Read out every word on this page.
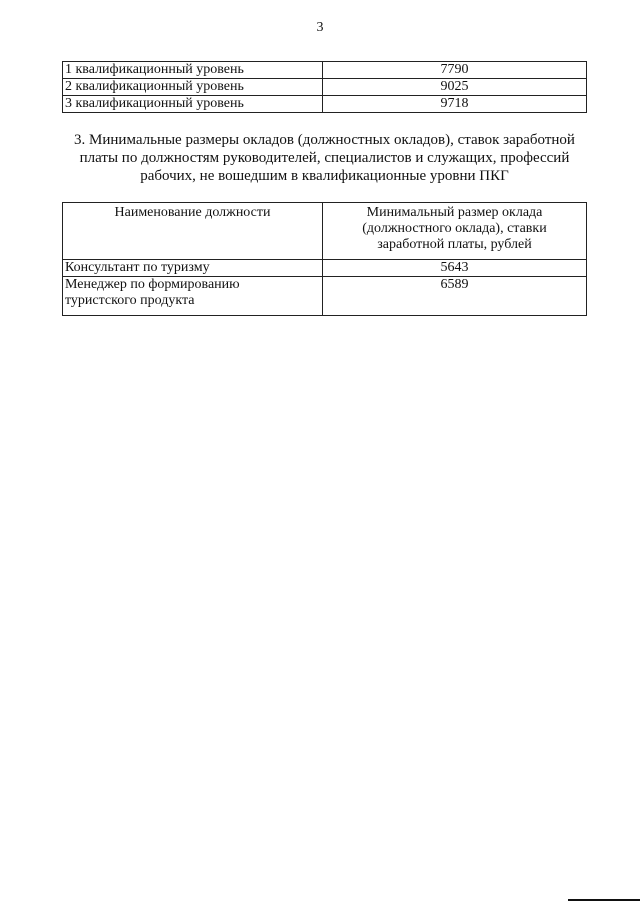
3
1 квалификационный уровень	7790
2 квалификационный уровень	9025
3 квалификационный уровень	9718
3. Минимальные размеры окладов (должностных окладов), ставок заработной
платы по должностям руководителей, специалистов и служащих, профессий
рабочих, не вошедшим в квалификационные уровни ПКГ
Наименование должности	Минимальный размер оклада
(должностного оклада), ставки
заработной платы, рублей

Консультант по туризму	5643

Менеджер по формированию
туристского продукта	6589
